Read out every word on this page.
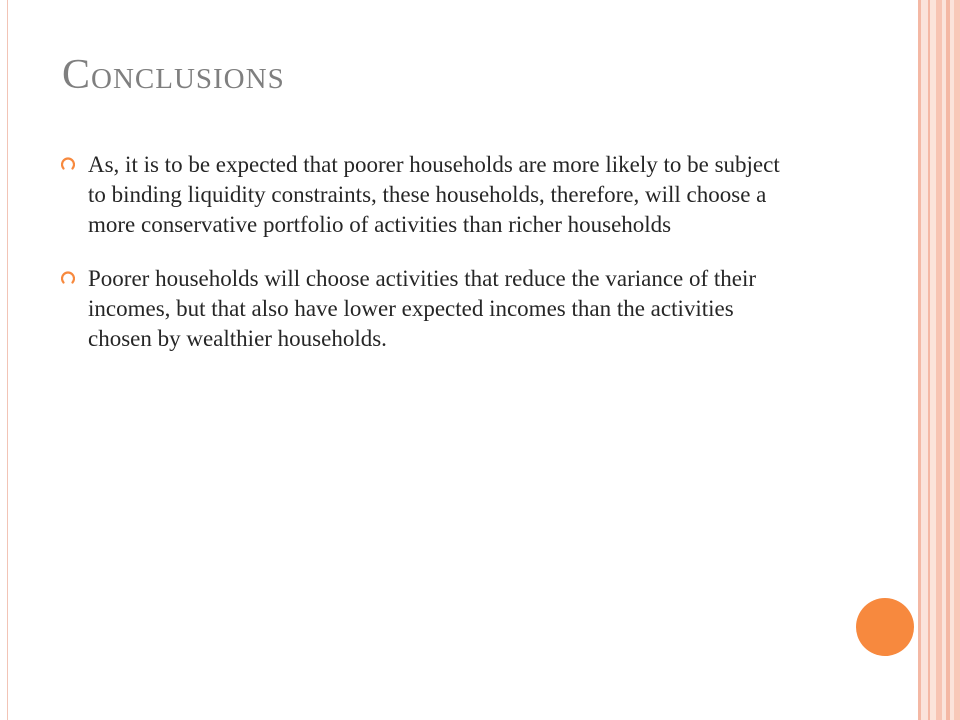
Conclusions
As, it is to be expected that poorer households are more likely to be subject to binding liquidity constraints, these households, therefore, will choose a more conservative portfolio of activities than richer households
Poorer households will choose activities that reduce the variance of their incomes, but that also have lower expected incomes than the activities chosen by wealthier households.
